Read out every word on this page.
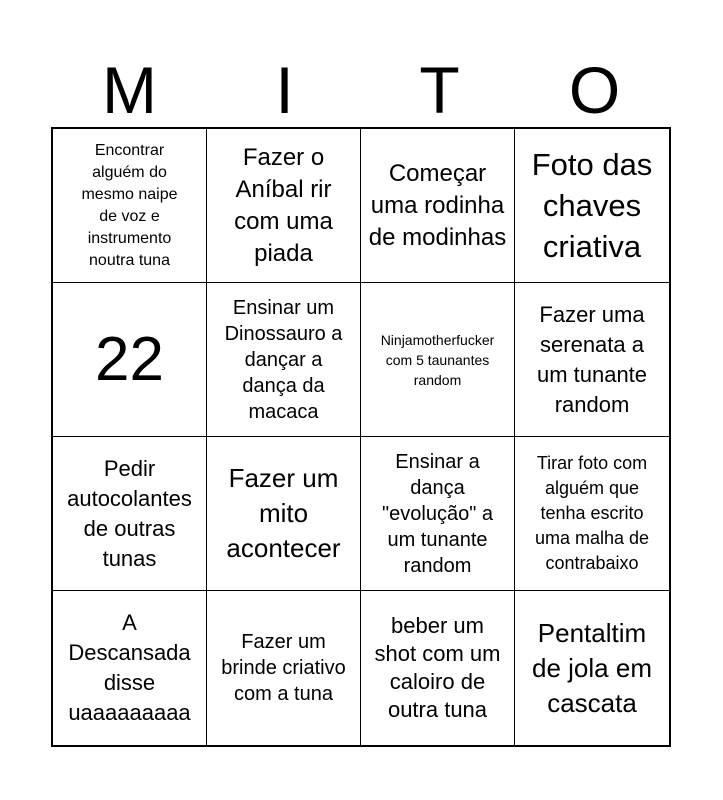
M	I	T	O
Encontrar alguém do mesmo naipe de voz e instrumento noutra tuna
Fazer o Aníbal rir com uma piada
Começar uma rodinha de modinhas
Foto das chaves criativa
22
Ensinar um Dinossauro a dançar a dança da macaca
Ninjamotherfucker com 5 taunantes random
Fazer uma serenata a um tunante random
Pedir autocolantes de outras tunas
Fazer um mito acontecer
Ensinar a dança "evolução" a um tunante random
Tirar foto com alguém que tenha escrito uma malha de contrabaixo
A Descansada disse uaaaaaaaaa
Fazer um brinde criativo com a tuna
beber um shot com um caloiro de outra tuna
Pentaltim de jola em cascata
